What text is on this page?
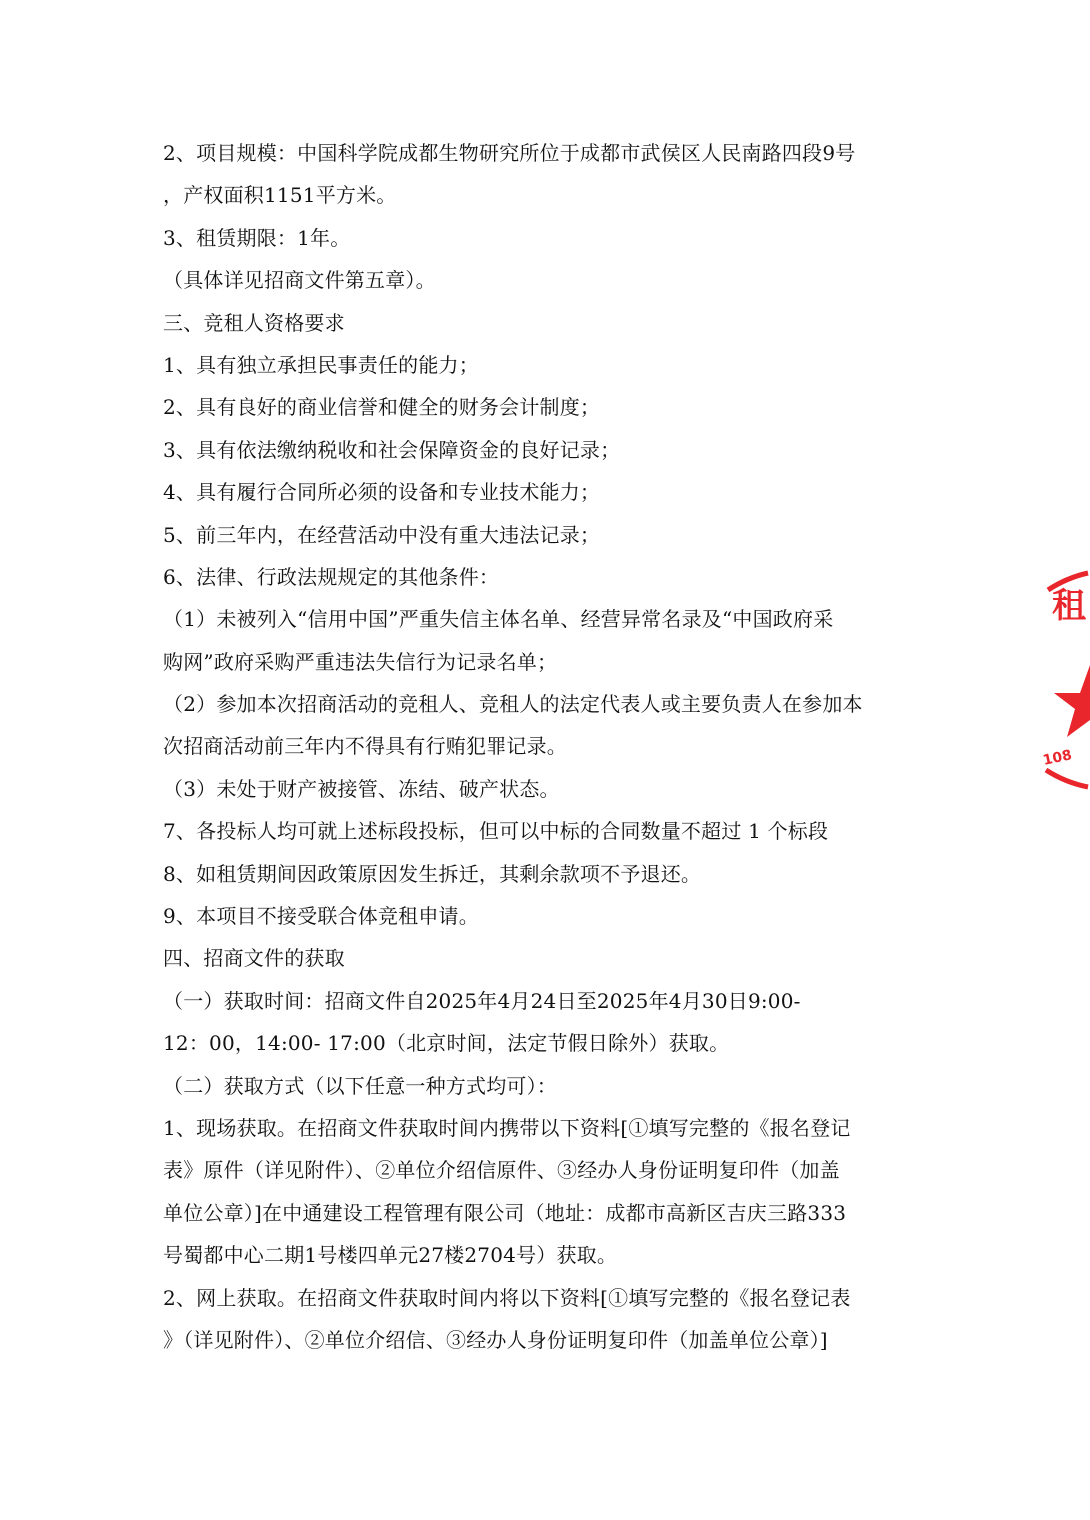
2、项目规模：中国科学院成都生物研究所位于成都市武侯区人民南路四段9号
，产权面积1151平方米。
3、租赁期限：1年。
（具体详见招商文件第五章）。
三、竞租人资格要求
1、具有独立承担民事责任的能力；
2、具有良好的商业信誉和健全的财务会计制度；
3、具有依法缴纳税收和社会保障资金的良好记录；
4、具有履行合同所必须的设备和专业技术能力；
5、前三年内，在经营活动中没有重大违法记录；
6、法律、行政法规规定的其他条件：
（1）未被列入“信用中国”严重失信主体名单、经营异常名录及“中国政府采
购网”政府采购严重违法失信行为记录名单；
（2）参加本次招商活动的竞租人、竞租人的法定代表人或主要负责人在参加本
次招商活动前三年内不得具有行贿犯罪记录。
（3）未处于财产被接管、冻结、破产状态。
7、各投标人均可就上述标段投标，但可以中标的合同数量不超过 1 个标段
8、如租赁期间因政策原因发生拆迁，其剩余款项不予退还。
9、本项目不接受联合体竞租申请。
四、招商文件的获取
（一）获取时间：招商文件自2025年4月24日至2025年4月30日9:00-
12：00，14:00- 17:00（北京时间，法定节假日除外）获取。
（二）获取方式（以下任意一种方式均可）：
1、现场获取。在招商文件获取时间内携带以下资料[①填写完整的《报名登记
表》原件（详见附件）、②单位介绍信原件、③经办人身份证明复印件（加盖
单位公章）]在中通建设工程管理有限公司（地址：成都市高新区吉庆三路333
号蜀都中心二期1号楼四单元27楼2704号）获取。
2、网上获取。在招商文件获取时间内将以下资料[①填写完整的《报名登记表
》（详见附件）、②单位介绍信、③经办人身份证明复印件（加盖单位公章）]
租
108
